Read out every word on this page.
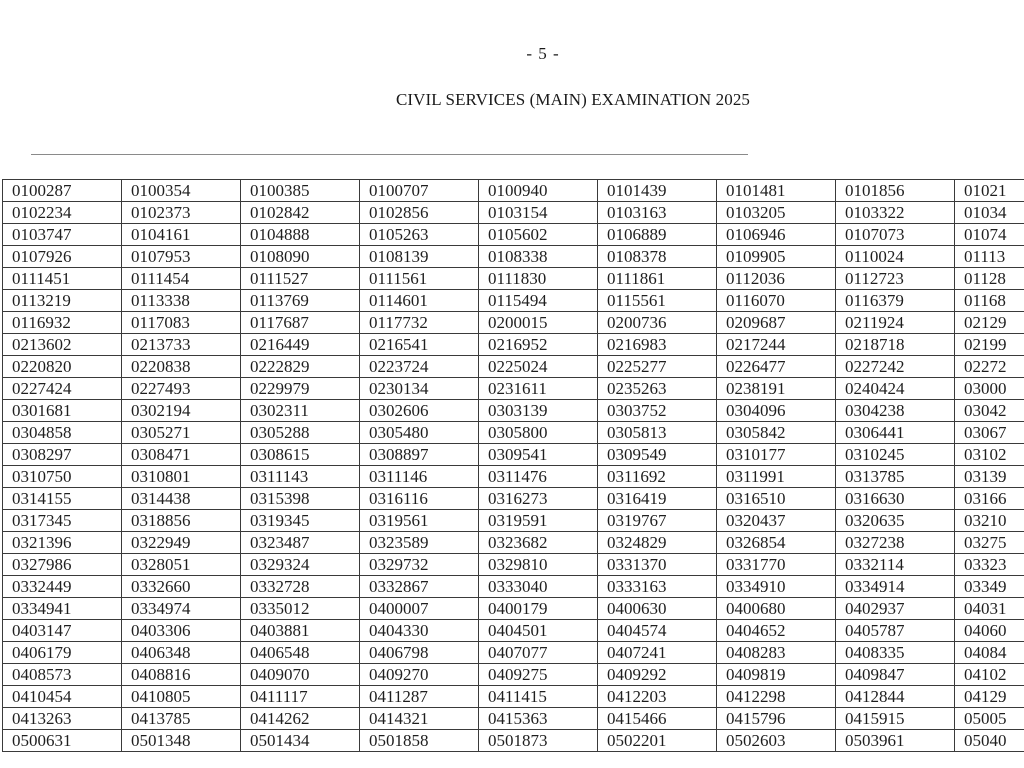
- 5 -
CIVIL SERVICES (MAIN) EXAMINATION 2025
0100287	0100354	0100385	0100707	0100940	0101439	0101481	0101856	01021
0102234	0102373	0102842	0102856	0103154	0103163	0103205	0103322	01034
0103747	0104161	0104888	0105263	0105602	0106889	0106946	0107073	01074
0107926	0107953	0108090	0108139	0108338	0108378	0109905	0110024	01113
0111451	0111454	0111527	0111561	0111830	0111861	0112036	0112723	01128
0113219	0113338	0113769	0114601	0115494	0115561	0116070	0116379	01168
0116932	0117083	0117687	0117732	0200015	0200736	0209687	0211924	02129
0213602	0213733	0216449	0216541	0216952	0216983	0217244	0218718	02199
0220820	0220838	0222829	0223724	0225024	0225277	0226477	0227242	02272
0227424	0227493	0229979	0230134	0231611	0235263	0238191	0240424	03000
0301681	0302194	0302311	0302606	0303139	0303752	0304096	0304238	03042
0304858	0305271	0305288	0305480	0305800	0305813	0305842	0306441	03067
0308297	0308471	0308615	0308897	0309541	0309549	0310177	0310245	03102
0310750	0310801	0311143	0311146	0311476	0311692	0311991	0313785	03139
0314155	0314438	0315398	0316116	0316273	0316419	0316510	0316630	03166
0317345	0318856	0319345	0319561	0319591	0319767	0320437	0320635	03210
0321396	0322949	0323487	0323589	0323682	0324829	0326854	0327238	03275
0327986	0328051	0329324	0329732	0329810	0331370	0331770	0332114	03323
0332449	0332660	0332728	0332867	0333040	0333163	0334910	0334914	03349
0334941	0334974	0335012	0400007	0400179	0400630	0400680	0402937	04031
0403147	0403306	0403881	0404330	0404501	0404574	0404652	0405787	04060
0406179	0406348	0406548	0406798	0407077	0407241	0408283	0408335	04084
0408573	0408816	0409070	0409270	0409275	0409292	0409819	0409847	04102
0410454	0410805	0411117	0411287	0411415	0412203	0412298	0412844	04129
0413263	0413785	0414262	0414321	0415363	0415466	0415796	0415915	05005
0500631	0501348	0501434	0501858	0501873	0502201	0502603	0503961	05040
